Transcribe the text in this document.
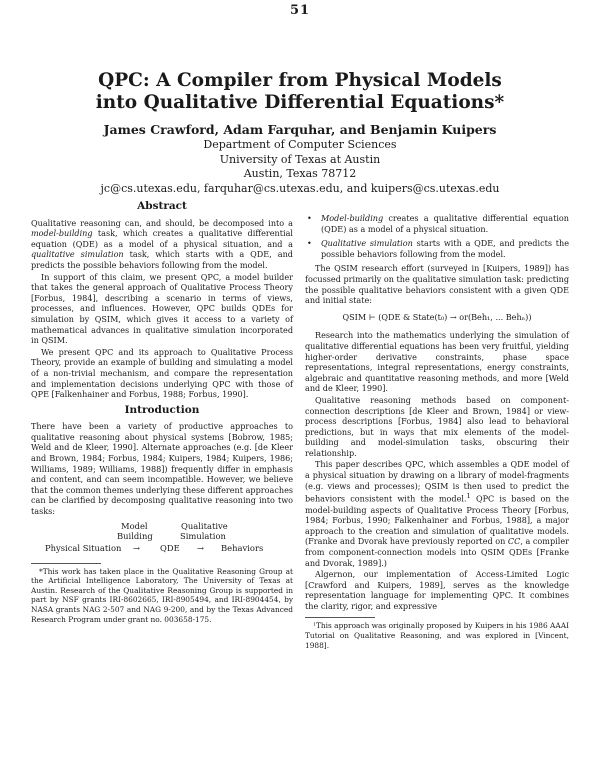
51
QPC: A Compiler from Physical Models
into Qualitative Differential Equations*
James Crawford, Adam Farquhar, and Benjamin Kuipers
Department of Computer Sciences
University of Texas at Austin
Austin, Texas 78712
jc@cs.utexas.edu, farquhar@cs.utexas.edu, and kuipers@cs.utexas.edu
Abstract

Qualitative reasoning can, and should, be decomposed into a model-building task, which creates a qualitative differential equation (QDE) as a model of a physical situation, and a qualitative simulation task, which starts with a QDE, and predicts the possible behaviors following from the model.

In support of this claim, we present QPC, a model builder that takes the general approach of Qualitative Process Theory [Forbus, 1984], describing a scenario in terms of views, processes, and influences. However, QPC builds QDEs for simulation by QSIM, which gives it access to a variety of mathematical advances in qualitative simulation incorporated in QSIM.

We present QPC and its approach to Qualitative Process Theory, provide an example of building and simulating a model of a non-trivial mechanism, and compare the representation and implementation decisions underlying QPC with those of QPE [Falkenhainer and Forbus, 1988; Forbus, 1990].

Introduction

There have been a variety of productive approaches to qualitative reasoning about physical systems [Bobrow, 1985; Weld and de Kleer, 1990]. Alternate approaches (e.g. [de Kleer and Brown, 1984; Forbus, 1984; Kuipers, 1984; Kuipers, 1986; Williams, 1989; Williams, 1988]) frequently differ in emphasis and content, and can seem incompatible. However, we believe that the common themes underlying these different approaches can be clarified by decomposing qualitative reasoning into two tasks:

Model
Building
Qualitative
Simulation
Physical Situation → QDE → Behaviors

*This work has taken place in the Qualitative Reasoning Group at the Artificial Intelligence Laboratory, The University of Texas at Austin. Research of the Qualitative Reasoning Group is supported in part by NSF grants IRI-8602665, IRI-8905494, and IRI-8904454, by NASA grants NAG 2-507 and NAG 9-200, and by the Texas Advanced Research Program under grant no. 003658-175.

• Model-building creates a qualitative differential equation (QDE) as a model of a physical situation.
• Qualitative simulation starts with a QDE, and predicts the possible behaviors following from the model.

The QSIM research effort (surveyed in [Kuipers, 1989]) has focussed primarily on the qualitative simulation task: predicting the possible qualitative behaviors consistent with a given QDE and initial state:

QSIM ⊢ (QDE & State(t₀) → or(Beh₁, ... Behₙ))

Research into the mathematics underlying the simulation of qualitative differential equations has been very fruitful, yielding higher-order derivative constraints, phase space representations, integral representations, energy constraints, algebraic and quantitative reasoning methods, and more [Weld and de Kleer, 1990].

Qualitative reasoning methods based on component-connection descriptions [de Kleer and Brown, 1984] or view-process descriptions [Forbus, 1984] also lead to behavioral predictions, but in ways that mix elements of the model-building and model-simulation tasks, obscuring their relationship.

This paper describes QPC, which assembles a QDE model of a physical situation by drawing on a library of model-fragments (e.g. views and processes); QSIM is then used to predict the behaviors consistent with the model.$^1$ QPC is based on the model-building aspects of Qualitative Process Theory [Forbus, 1984; Forbus, 1990; Falkenhainer and Forbus, 1988], a major approach to the creation and simulation of qualitative models. (Franke and Dvorak have previously reported on CC, a compiler from component-connection models into QSIM QDEs [Franke and Dvorak, 1989].)

Algernon, our implementation of Access-Limited Logic [Crawford and Kuipers, 1989], serves as the knowledge representation language for implementing QPC. It combines the clarity, rigor, and expressive

¹This approach was originally proposed by Kuipers in his 1986 AAAI Tutorial on Qualitative Reasoning, and was explored in [Vincent, 1988].
